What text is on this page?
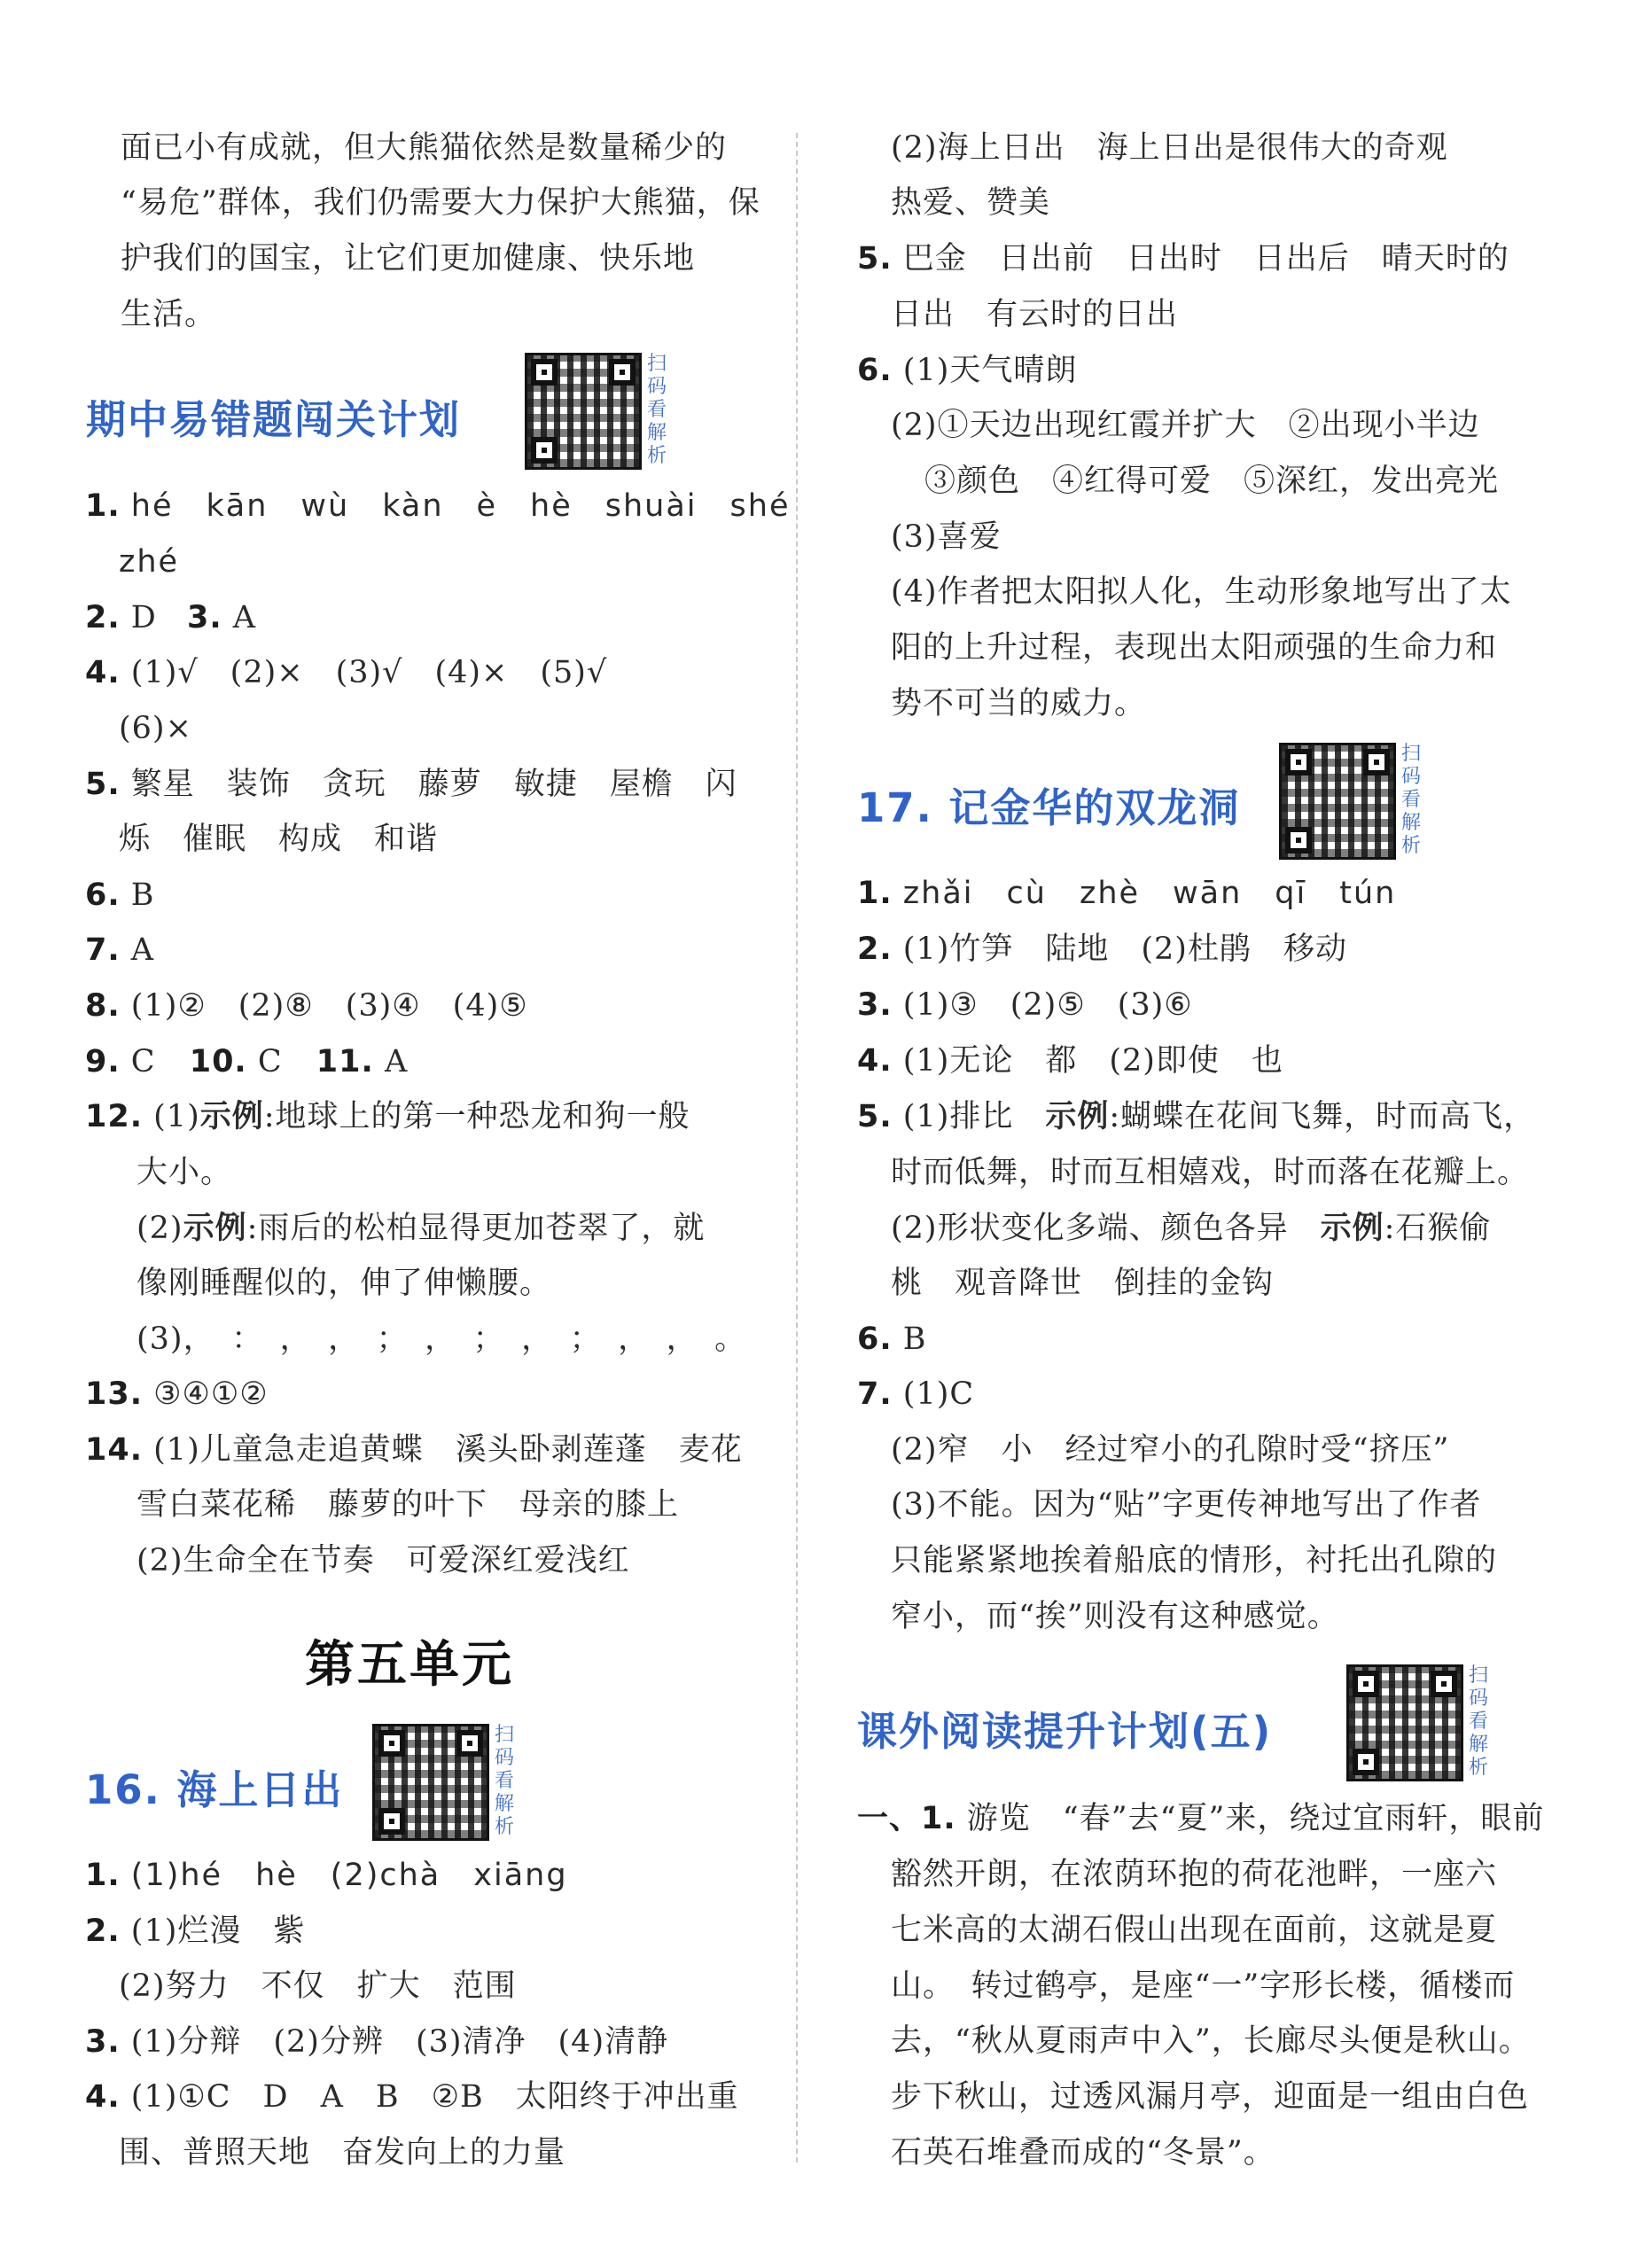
面已小有成就，但大熊猫依然是数量稀少的
“易危”群体，我们仍需要大力保护大熊猫，保
护我们的国宝，让它们更加健康、快乐地
生活。
期中易错题闯关计划
扫码看解析
1. hé　kān　wù　kàn　è　hè　shuài　shé
zhé
2. D 3. A
4. (1)√　(2)×　(3)√　(4)×　(5)√
(6)×
5. 繁星　装饰　贪玩　藤萝　敏捷　屋檐　闪
烁　催眠　构成　和谐
6. B
7. A
8. (1)②　(2)⑧　(3)④　(4)⑤
9. C 10. C 11. A
12. (1)示例:地球上的第一种恐龙和狗一般
大小。
(2)示例:雨后的松柏显得更加苍翠了，就
像刚睡醒似的，伸了伸懒腰。
(3)，　：　，　，　；　，　；　，　；　，　，　。
13. ③④①②
14. (1)儿童急走追黄蝶　溪头卧剥莲蓬　麦花
雪白菜花稀　藤萝的叶下　母亲的膝上
(2)生命全在节奏　可爱深红爱浅红
第五单元
16. 海上日出
扫码看解析
1. (1)hé　hè　(2)chà　xiāng
2. (1)烂漫　紫
(2)努力　不仅　扩大　范围
3. (1)分辩　(2)分辨　(3)清净　(4)清静
4. (1)①C　D　A　B　②B　太阳终于冲出重
围、普照天地　奋发向上的力量
(2)海上日出　海上日出是很伟大的奇观
热爱、赞美
5. 巴金　日出前　日出时　日出后　晴天时的
日出　有云时的日出
6. (1)天气晴朗
(2)①天边出现红霞并扩大　②出现小半边
③颜色　④红得可爱　⑤深红，发出亮光
(3)喜爱
(4)作者把太阳拟人化，生动形象地写出了太
阳的上升过程，表现出太阳顽强的生命力和
势不可当的威力。
17. 记金华的双龙洞
扫码看解析
1. zhǎi　cù　zhè　wān　qī　tún
2. (1)竹笋　陆地　(2)杜鹃　移动
3. (1)③　(2)⑤　(3)⑥
4. (1)无论　都　(2)即使　也
5. (1)排比　示例:蝴蝶在花间飞舞，时而高飞，
时而低舞，时而互相嬉戏，时而落在花瓣上。
(2)形状变化多端、颜色各异　示例:石猴偷
桃　观音降世　倒挂的金钩
6. B
7. (1)C
(2)窄　小　经过窄小的孔隙时受“挤压”
(3)不能。因为“贴”字更传神地写出了作者
只能紧紧地挨着船底的情形，衬托出孔隙的
窄小，而“挨”则没有这种感觉。
课外阅读提升计划(五)
扫码看解析
一、1. 游览　“春”去“夏”来，绕过宜雨轩，眼前
豁然开朗，在浓荫环抱的荷花池畔，一座六
七米高的太湖石假山出现在面前，这就是夏
山。　转过鹤亭，是座“一”字形长楼，循楼而
去，“秋从夏雨声中入”，长廊尽头便是秋山。
步下秋山，过透风漏月亭，迎面是一组由白色
石英石堆叠而成的“冬景”。
